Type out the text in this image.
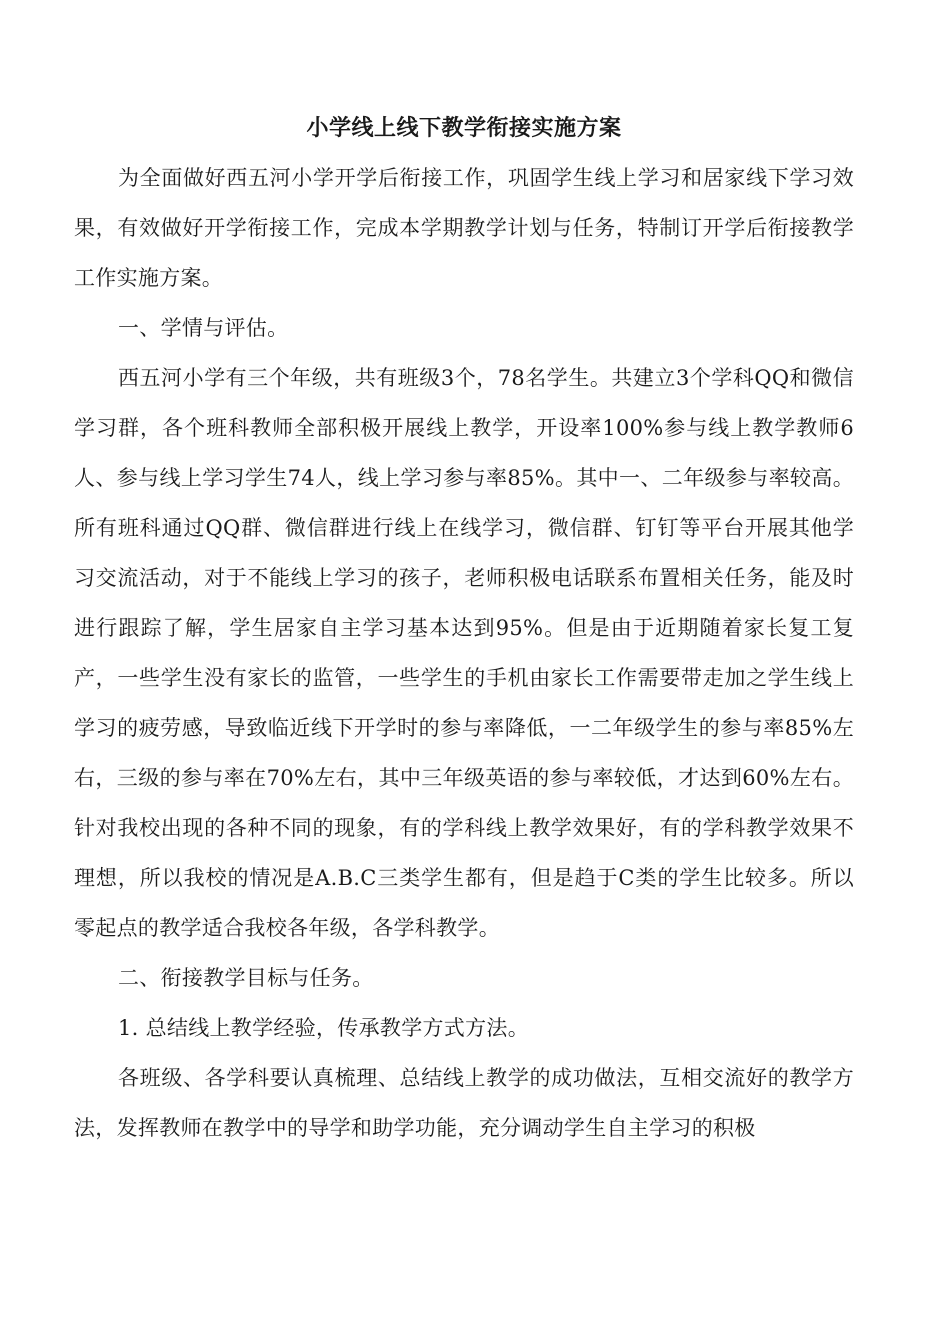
小学线上线下教学衔接实施方案

为全面做好西五河小学开学后衔接工作，巩固学生线上学习和居家线下学习效果，有效做好开学衔接工作，完成本学期教学计划与任务，特制订开学后衔接教学工作实施方案。

一、学情与评估。

西五河小学有三个年级，共有班级3个，78名学生。共建立3个学科QQ和微信学习群，各个班科教师全部积极开展线上教学，开设率100%参与线上教学教师6人、参与线上学习学生74人，线上学习参与率85%。其中一、二年级参与率较高。所有班科通过QQ群、微信群进行线上在线学习，微信群、钉钉等平台开展其他学习交流活动，对于不能线上学习的孩子，老师积极电话联系布置相关任务，能及时进行跟踪了解，学生居家自主学习基本达到95%。但是由于近期随着家长复工复产，一些学生没有家长的监管，一些学生的手机由家长工作需要带走加之学生线上学习的疲劳感，导致临近线下开学时的参与率降低，一二年级学生的参与率85%左右，三级的参与率在70%左右，其中三年级英语的参与率较低，才达到60%左右。针对我校出现的各种不同的现象，有的学科线上教学效果好，有的学科教学效果不理想，所以我校的情况是A.B.C三类学生都有，但是趋于C类的学生比较多。所以零起点的教学适合我校各年级，各学科教学。

二、衔接教学目标与任务。

1. 总结线上教学经验，传承教学方式方法。

各班级、各学科要认真梳理、总结线上教学的成功做法，互相交流好的教学方法，发挥教师在教学中的导学和助学功能，充分调动学生自主学习的积极
